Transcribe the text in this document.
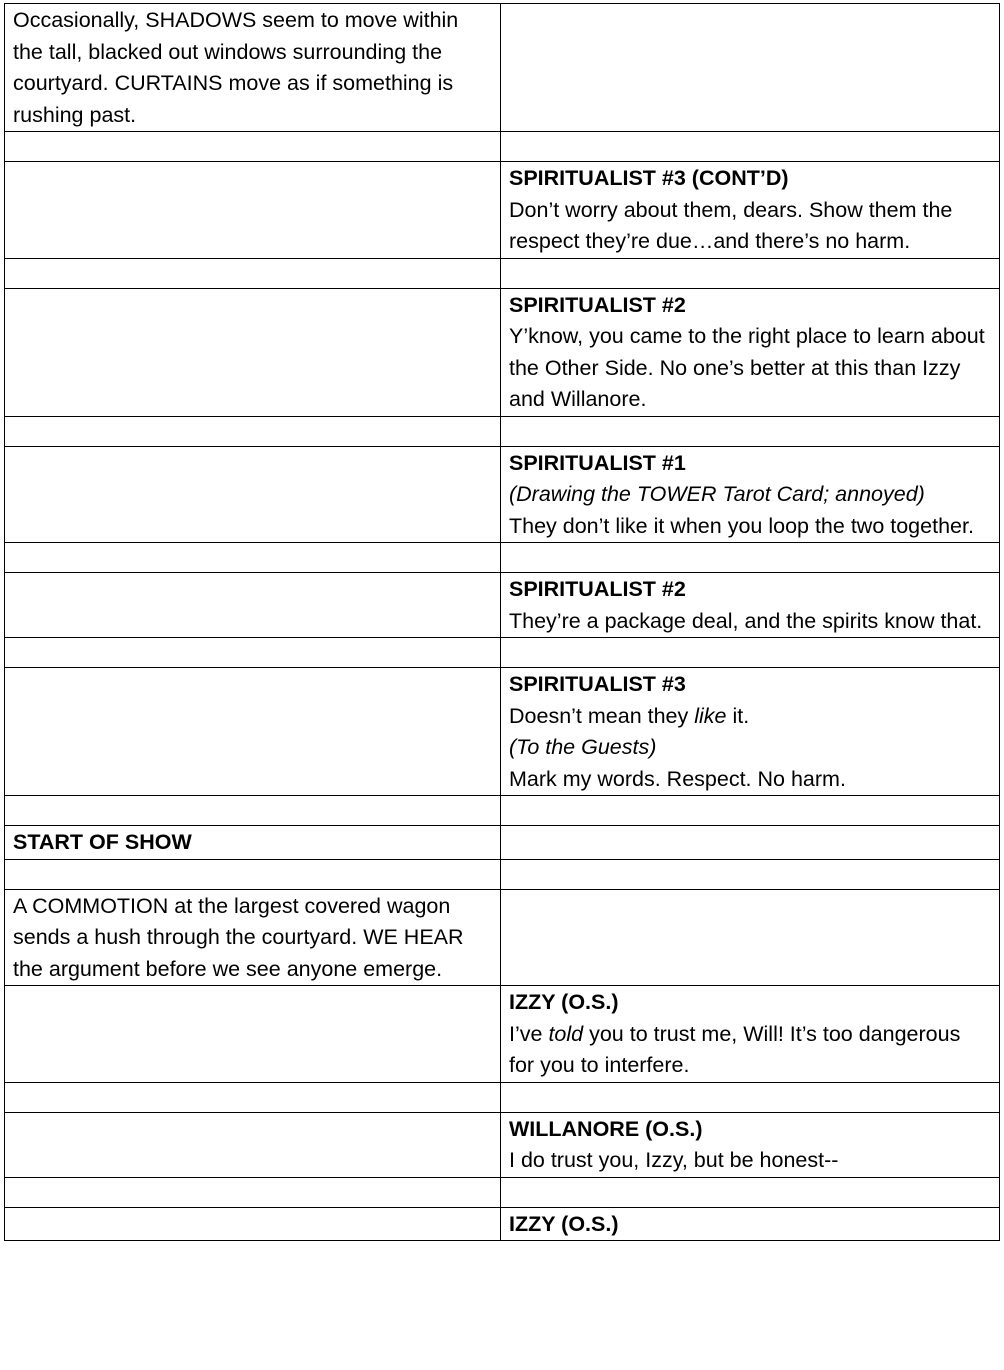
Occasionally, SHADOWS seem to move within the tall, blacked out windows surrounding the courtyard. CURTAINS move as if something is rushing past.	

	SPIRITUALIST #3 (CONT’D)
Don’t worry about them, dears. Show them the respect they’re due…and there’s no harm.

	SPIRITUALIST #2
Y’know, you came to the right place to learn about the Other Side. No one’s better at this than Izzy and Willanore.

	SPIRITUALIST #1
(Drawing the TOWER Tarot Card; annoyed)
They don’t like it when you loop the two together.

	SPIRITUALIST #2
They’re a package deal, and the spirits know that.

	SPIRITUALIST #3
Doesn’t mean they like it.
(To the Guests)
Mark my words. Respect. No harm.

START OF SHOW	

A COMMOTION at the largest covered wagon sends a hush through the courtyard. WE HEAR the argument before we see anyone emerge.	

	IZZY (O.S.)
I’ve told you to trust me, Will! It’s too dangerous for you to interfere.

	WILLANORE (O.S.)
I do trust you, Izzy, but be honest--

	IZZY (O.S.)
